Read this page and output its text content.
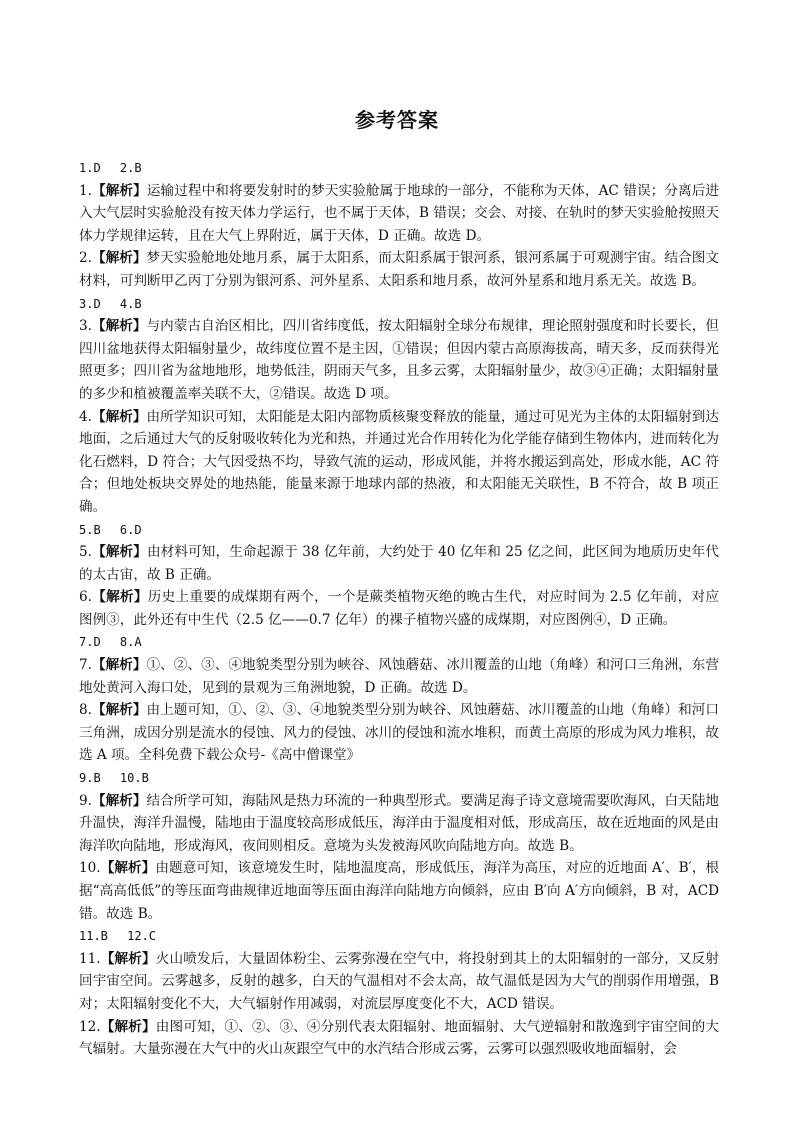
参考答案

1.D　 2.B

1.【解析】运输过程中和将要发射时的梦天实验舱属于地球的一部分，不能称为天体，AC 错误；分离后进入大气层时实验舱没有按天体力学运行，也不属于天体，B 错误；交会、对接、在轨时的梦天实验舱按照天体力学规律运转，且在大气上界附近，属于天体，D 正确。故选 D。

2.【解析】梦天实验舱地处地月系，属于太阳系，而太阳系属于银河系，银河系属于可观测宇宙。结合图文材料，可判断甲乙丙丁分别为银河系、河外星系、太阳系和地月系，故河外星系和地月系无关。故选 B。

3.D　 4.B

3.【解析】与内蒙古自治区相比，四川省纬度低，按太阳辐射全球分布规律，理论照射强度和时长要长，但四川盆地获得太阳辐射量少，故纬度位置不是主因，①错误；但因内蒙古高原海拔高，晴天多，反而获得光照更多；四川省为盆地地形，地势低洼，阴雨天气多，且多云雾，太阳辐射量少，故③④正确；太阳辐射量的多少和植被覆盖率关联不大，②错误。故选 D 项。

4.【解析】由所学知识可知，太阳能是太阳内部物质核聚变释放的能量，通过可见光为主体的太阳辐射到达地面，之后通过大气的反射吸收转化为光和热，并通过光合作用转化为化学能存储到生物体内，进而转化为化石燃料，D 符合；大气因受热不均，导致气流的运动，形成风能，并将水搬运到高处，形成水能，AC 符合；但地处板块交界处的地热能，能量来源于地球内部的热液，和太阳能无关联性，B 不符合，故 B 项正确。

5.B　 6.D

5.【解析】由材料可知，生命起源于 38 亿年前，大约处于 40 亿年和 25 亿之间，此区间为地质历史年代的太古宙，故 B 正确。

6.【解析】历史上重要的成煤期有两个，一个是蕨类植物灭绝的晚古生代，对应时间为 2.5 亿年前，对应图例③，此外还有中生代（2.5 亿——0.7 亿年）的裸子植物兴盛的成煤期，对应图例④，D 正确。

7.D　 8.A

7.【解析】①、②、③、④地貌类型分别为峡谷、风蚀蘑菇、冰川覆盖的山地（角峰）和河口三角洲，东营地处黄河入海口处，见到的景观为三角洲地貌，D 正确。故选 D。

8.【解析】由上题可知，①、②、③、④地貌类型分别为峡谷、风蚀蘑菇、冰川覆盖的山地（角峰）和河口三角洲，成因分别是流水的侵蚀、风力的侵蚀、冰川的侵蚀和流水堆积，而黄土高原的形成为风力堆积，故选 A 项。全科免费下载公众号-《高中僧课堂》

9.B　 10.B

9.【解析】结合所学可知，海陆风是热力环流的一种典型形式。要满足海子诗文意境需要吹海风，白天陆地升温快，海洋升温慢，陆地由于温度较高形成低压，海洋由于温度相对低，形成高压，故在近地面的风是由海洋吹向陆地，形成海风，夜间则相反。意境为头发被海风吹向陆地方向。故选 B。

10.【解析】由题意可知，该意境发生时，陆地温度高，形成低压，海洋为高压，对应的近地面 A′、B′，根据“高高低低”的等压面弯曲规律近地面等压面由海洋向陆地方向倾斜，应由 B′向 A′方向倾斜，B 对，ACD 错。故选 B。

11.B　 12.C

11.【解析】火山喷发后，大量固体粉尘、云雾弥漫在空气中，将投射到其上的太阳辐射的一部分，又反射回宇宙空间。云雾越多，反射的越多，白天的气温相对不会太高，故气温低是因为大气的削弱作用增强，B 对；太阳辐射变化不大，大气辐射作用减弱，对流层厚度变化不大，ACD 错误。

12.【解析】由图可知，①、②、③、④分别代表太阳辐射、地面辐射、大气逆辐射和散逸到宇宙空间的大气辐射。大量弥漫在大气中的火山灰跟空气中的水汽结合形成云雾，云雾可以强烈吸收地面辐射，会
